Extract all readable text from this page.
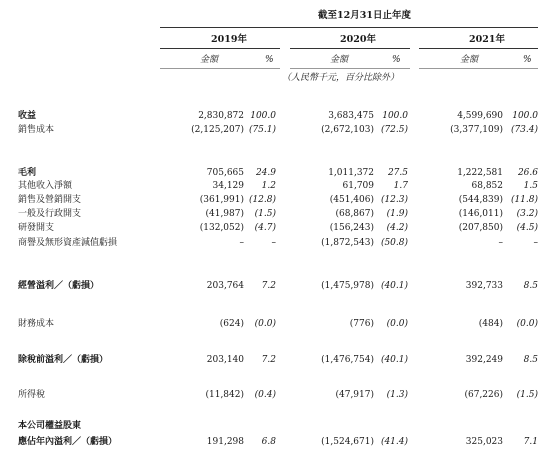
截至12月31日止年度
2019年	2020年	2021年
金額	%	金額	%	金額	%
（人民幣千元，百分比除外）
收益	2,830,872 100.0	3,683,475 100.0	4,599,690	100.0
銷售成本	(2,125,207) (75.1)	(2,672,103) (72.5)	(3,377,109) (73.4)
毛利	705,665	24.9	1,011,372	27.5	1,222,581	26.6
其他收入淨額	34,129	1.2	61,709	1.7	68,852	1.5
銷售及營銷開支	(361,991) (12.8)	(451,406) (12.3)	(544,839) (11.8)
一般及行政開支	(41,987)	(1.5)	(68,867)	(1.9)	(146,011)	(3.2)
研發開支	(132,052)	(4.7)	(156,243)	(4.2)	(207,850)	(4.5)
商譽及無形資產減值虧損	–	–	(1,872,543) (50.8)	–	–
經營溢利／（虧損）	203,764	7.2	(1,475,978) (40.1)	392,733	8.5
財務成本	(624)	(0.0)	(776)	(0.0)	(484)	(0.0)
除稅前溢利／（虧損）	203,140	7.2	(1,476,754) (40.1)	392,249	8.5
所得稅	(11,842)	(0.4)	(47,917)	(1.3)	(67,226)	(1.5)
本公司權益股東
應佔年內溢利／（虧損）	191,298	6.8	(1,524,671) (41.4)	325,023	7.1
